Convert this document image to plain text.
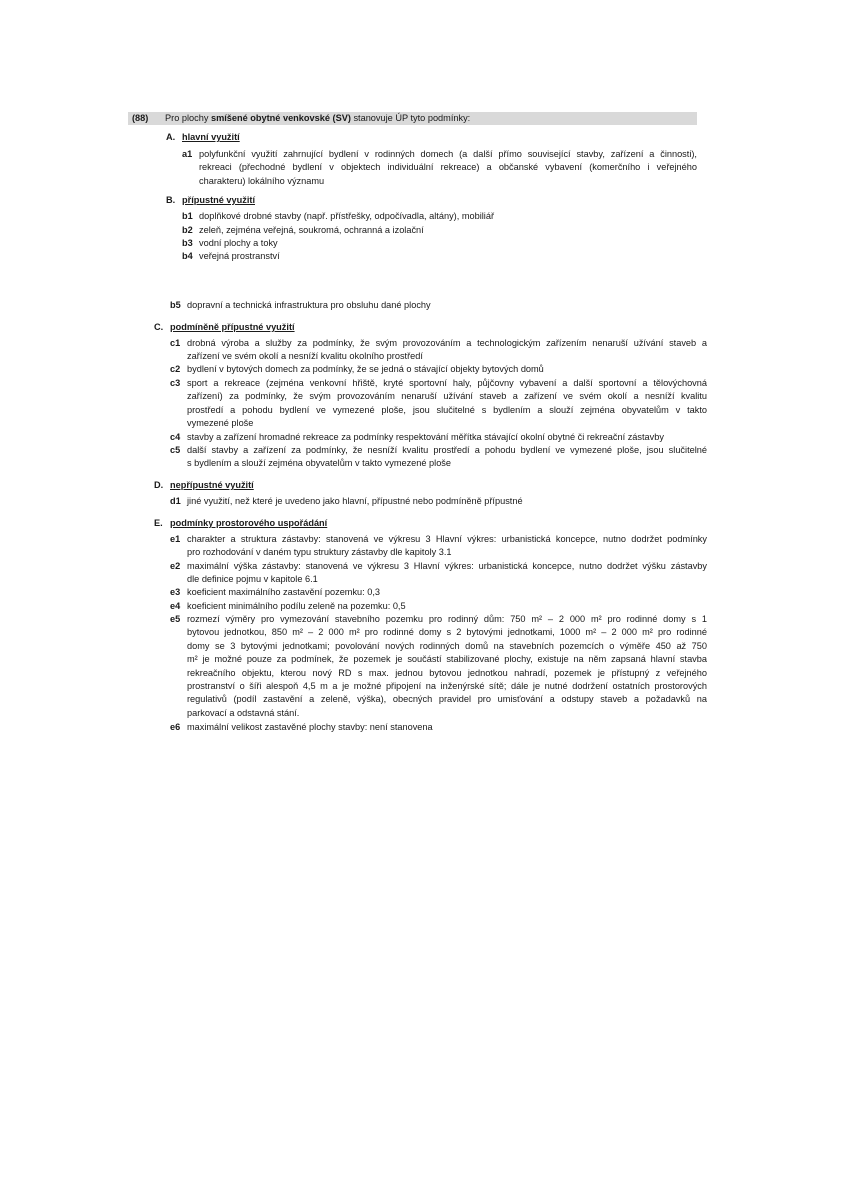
(88) Pro plochy smíšené obytné venkovské (SV) stanovuje ÚP tyto podmínky:
A. hlavní využití
a1 polyfunkční využití zahrnující bydlení v rodinných domech (a další přímo související stavby, zařízení a činnosti),
rekreaci (přechodné bydlení v objektech individuální rekreace) a občanské vybavení (komerčního i veřejného
charakteru) lokálního významu
B. přípustné využití
b1 doplňkové drobné stavby (např. přístřešky, odpočívadla, altány), mobiliář
b2 zeleň, zejména veřejná, soukromá, ochranná a izolační
b3 vodní plochy a toky
b4 veřejná prostranství
b5 dopravní a technická infrastruktura pro obsluhu dané plochy
C. podmíněně přípustné využití
c1 drobná výroba a služby za podmínky, že svým provozováním a technologickým zařízením nenaruší užívání staveb a
zařízení ve svém okolí a nesníží kvalitu okolního prostředí
c2 bydlení v bytových domech za podmínky, že se jedná o stávající objekty bytových domů
c3 sport a rekreace (zejména venkovní hřiště, kryté sportovní haly, půjčovny vybavení a další sportovní a tělovýchovná
zařízení) za podmínky, že svým provozováním nenaruší užívání staveb a zařízení ve svém okolí a nesníží kvalitu
prostředí a pohodu bydlení ve vymezené ploše, jsou slučitelné s bydlením a slouží zejména obyvatelům v takto
vymezené ploše
c4 stavby a zařízení hromadné rekreace za podmínky respektování měřítka stávající okolní obytné či rekreační zástavby
c5 další stavby a zařízení za podmínky, že nesníží kvalitu prostředí a pohodu bydlení ve vymezené ploše, jsou slučitelné
s bydlením a slouží zejména obyvatelům v takto vymezené ploše
D. nepřípustné využití
d1 jiné využití, než které je uvedeno jako hlavní, přípustné nebo podmíněně přípustné
E. podmínky prostorového uspořádání
e1 charakter a struktura zástavby: stanovená ve výkresu 3 Hlavní výkres: urbanistická koncepce, nutno dodržet podmínky
pro rozhodování v daném typu struktury zástavby dle kapitoly 3.1
e2 maximální výška zástavby: stanovená ve výkresu 3 Hlavní výkres: urbanistická koncepce, nutno dodržet výšku zástavby
dle definice pojmu v kapitole 6.1
e3 koeficient maximálního zastavění pozemku: 0,3
e4 koeficient minimálního podílu zeleně na pozemku: 0,5
e5 rozmezí výměry pro vymezování stavebního pozemku pro rodinný dům: 750 m² – 2 000 m² pro rodinné domy s 1
bytovou jednotkou, 850 m² – 2 000 m² pro rodinné domy s 2 bytovými jednotkami, 1000 m² – 2 000 m² pro rodinné
domy se 3 bytovými jednotkami; povolování nových rodinných domů na stavebních pozemcích o výměře 450 až 750
m² je možné pouze za podmínek, že pozemek je součástí stabilizované plochy, existuje na něm zapsaná hlavní stavba
rekreačního objektu, kterou nový RD s max. jednou bytovou jednotkou nahradí, pozemek je přístupný z veřejného
prostranství o šíři alespoň 4,5 m a je možné připojení na inženýrské sítě; dále je nutné dodržení ostatních prostorových
regulativů (podíl zastavění a zeleně, výška), obecných pravidel pro umisťování a odstupy staveb a požadavků na
parkovací a odstavná stání.
e6 maximální velikost zastavěné plochy stavby: není stanovena
